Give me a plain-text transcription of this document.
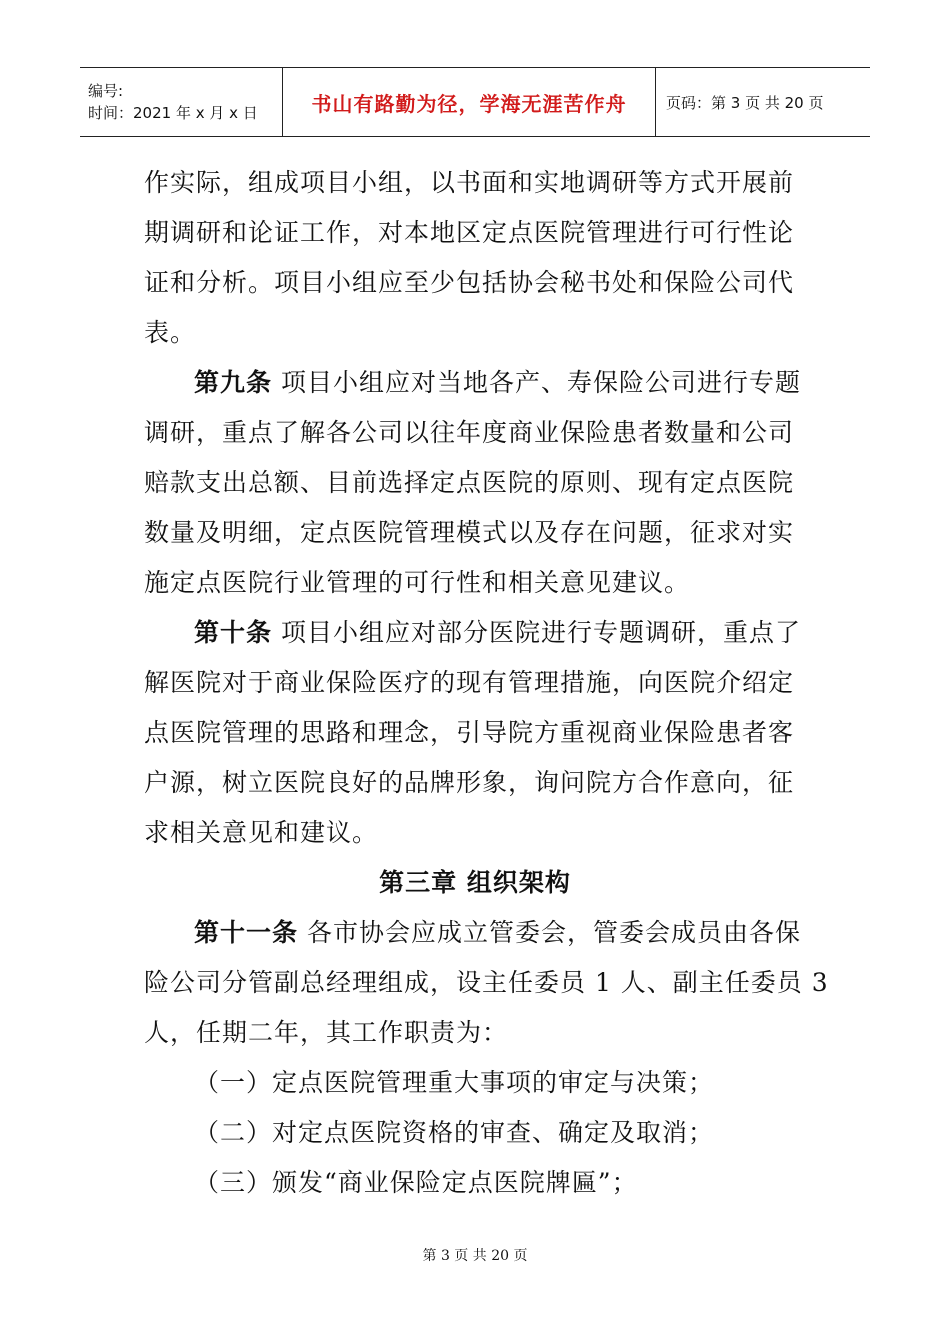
编号:
时间：2021 年 x 月 x 日	书山有路勤为径，学海无涯苦作舟	页码：第 3 页 共 20 页
作实际，组成项目小组，以书面和实地调研等方式开展前
期调研和论证工作，对本地区定点医院管理进行可行性论
证和分析。项目小组应至少包括协会秘书处和保险公司代
表。
第九条 项目小组应对当地各产、寿保险公司进行专题
调研，重点了解各公司以往年度商业保险患者数量和公司
赔款支出总额、目前选择定点医院的原则、现有定点医院
数量及明细，定点医院管理模式以及存在问题，征求对实
施定点医院行业管理的可行性和相关意见建议。
第十条 项目小组应对部分医院进行专题调研，重点了
解医院对于商业保险医疗的现有管理措施，向医院介绍定
点医院管理的思路和理念，引导院方重视商业保险患者客
户源，树立医院良好的品牌形象，询问院方合作意向，征
求相关意见和建议。
第三章 组织架构
第十一条 各市协会应成立管委会，管委会成员由各保
险公司分管副总经理组成，设主任委员 1 人、副主任委员 3
人，任期二年，其工作职责为：
（一）定点医院管理重大事项的审定与决策；
（二）对定点医院资格的审查、确定及取消；
（三）颁发“商业保险定点医院牌匾”；
第 3 页 共 20 页
